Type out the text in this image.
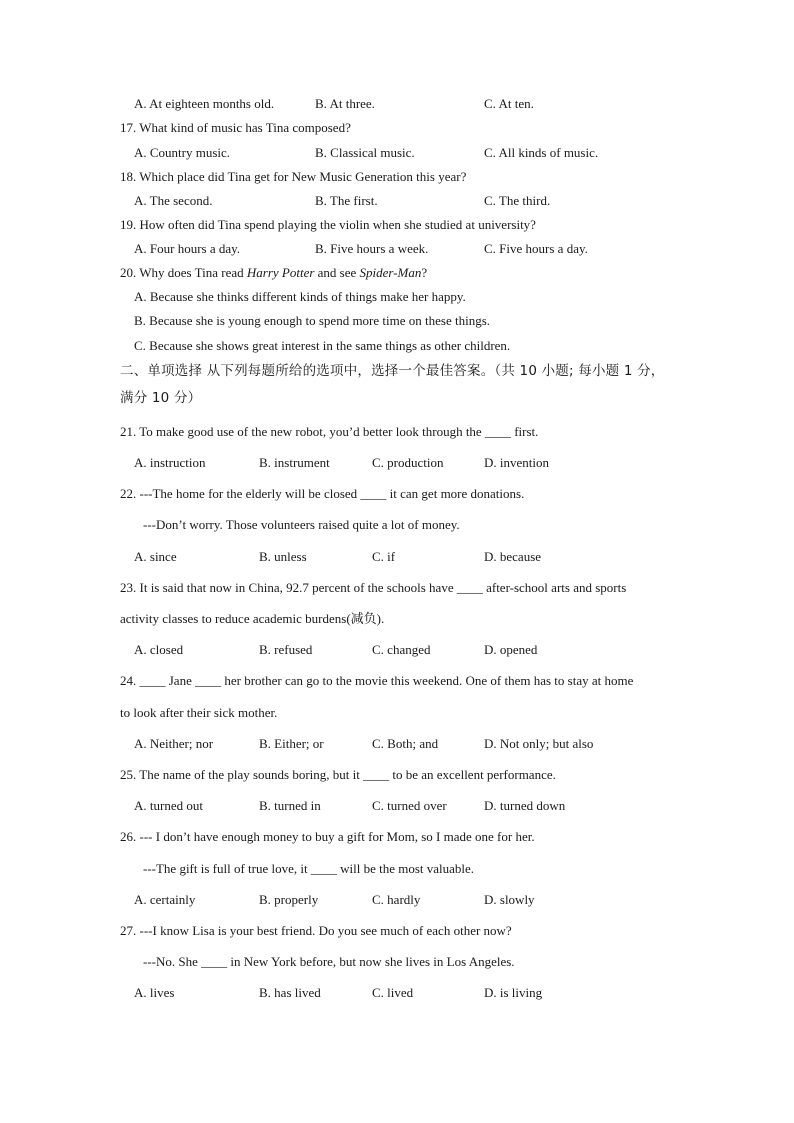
A. At eighteen months old.	B. At three.	C. At ten.
17. What kind of music has Tina composed?
A. Country music.	B. Classical music.	C. All kinds of music.
18. Which place did Tina get for New Music Generation this year?
A. The second.	B. The first.	C. The third.
19. How often did Tina spend playing the violin when she studied at university?
A. Four hours a day.	B. Five hours a week.	C. Five hours a day.
20. Why does Tina read Harry Potter and see Spider-Man?
A. Because she thinks different kinds of things make her happy.
B. Because she is young enough to spend more time on these things.
C. Because she shows great interest in the same things as other children.
二、单项选择 从下列每题所给的选项中，选择一个最佳答案。（共 10 小题; 每小题 1 分，
满分 10 分）
21. To make good use of the new robot, you’d better look through the ____ first.
A. instruction	B. instrument	C. production	D. invention
22. ---The home for the elderly will be closed ____ it can get more donations.
---Don’t worry. Those volunteers raised quite a lot of money.
A. since	B. unless	C. if	D. because
23. It is said that now in China, 92.7 percent of the schools have ____ after-school arts and sports
activity classes to reduce academic burdens(减负).
A. closed	B. refused	C. changed	D. opened
24. ____ Jane ____ her brother can go to the movie this weekend. One of them has to stay at home
to look after their sick mother.
A. Neither; nor	B. Either; or	C. Both; and	D. Not only; but also
25. The name of the play sounds boring, but it ____ to be an excellent performance.
A. turned out	B. turned in	C. turned over	D. turned down
26. --- I don’t have enough money to buy a gift for Mom, so I made one for her.
---The gift is full of true love, it ____ will be the most valuable.
A. certainly	B. properly	C. hardly	D. slowly
27. ---I know Lisa is your best friend. Do you see much of each other now?
---No. She ____ in New York before, but now she lives in Los Angeles.
A. lives	B. has lived	C. lived	D. is living
